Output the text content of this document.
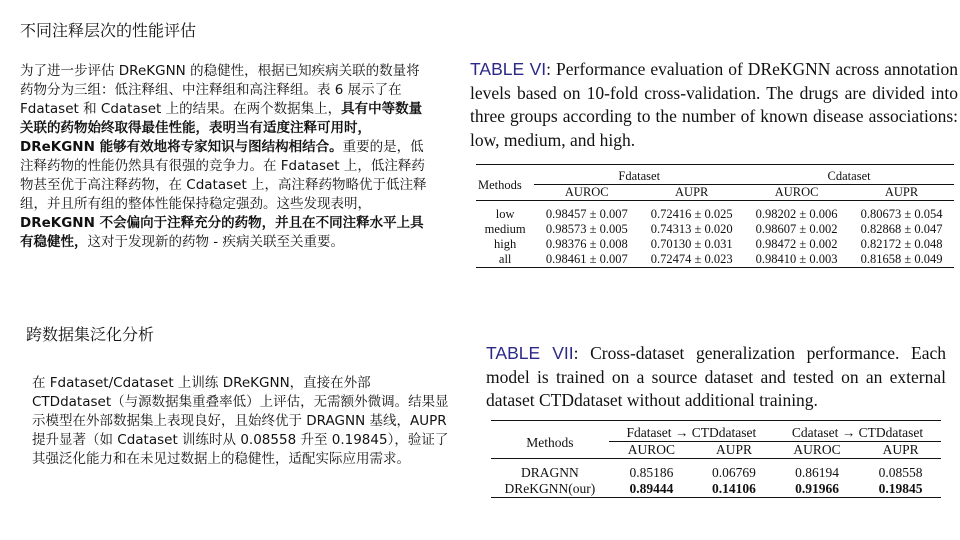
不同注释层次的性能评估
为了进一步评估 DReKGNN 的稳健性，根据已知疾病关联的数量将药物分为三组：低注释组、中注释组和高注释组。表 6 展示了在 Fdataset 和 Cdataset 上的结果。在两个数据集上，具有中等数量关联的药物始终取得最佳性能，表明当有适度注释可用时，DReKGNN 能够有效地将专家知识与图结构相结合。重要的是，低注释药物的性能仍然具有很强的竞争力。在 Fdataset 上，低注释药物甚至优于高注释药物，在 Cdataset 上，高注释药物略优于低注释组，并且所有组的整体性能保持稳定强劲。这些发现表明，DReKGNN 不会偏向于注释充分的药物，并且在不同注释水平上具有稳健性，这对于发现新的药物 - 疾病关联至关重要。
跨数据集泛化分析
在 Fdataset/Cdataset 上训练 DReKGNN，直接在外部 CTDdataset（与源数据集重叠率低）上评估，无需额外微调。结果显示模型在外部数据集上表现良好，且始终优于 DRAGNN 基线，AUPR 提升显著（如 Cdataset 训练时从 0.08558 升至 0.19845），验证了其强泛化能力和在未见过数据上的稳健性，适配实际应用需求。
TABLE VI: Performance evaluation of DReKGNN across annotation levels based on 10-fold cross-validation. The drugs are divided into three groups according to the number of known disease associations: low, medium, and high.
Methods	Fdataset		Cdataset	
	AUROC	AUPR	AUROC	AUPR

low	0.98457 ± 0.007	0.72416 ± 0.025	0.98202 ± 0.006	0.80673 ± 0.054
medium	0.98573 ± 0.005	0.74313 ± 0.020	0.98607 ± 0.002	0.82868 ± 0.047
high	0.98376 ± 0.008	0.70130 ± 0.031	0.98472 ± 0.002	0.82172 ± 0.048
all	0.98461 ± 0.007	0.72474 ± 0.023	0.98410 ± 0.003	0.81658 ± 0.049
TABLE VII: Cross-dataset generalization performance. Each model is trained on a source dataset and tested on an external dataset CTDdataset without additional training.
Methods	Fdataset → CTDdataset		Cdataset → CTDdataset	
	AUROC	AUPR	AUROC	AUPR

DRAGNN	0.85186	0.06769	0.86194	0.08558
DReKGNN(our)	0.89444	0.14106	0.91966	0.19845
